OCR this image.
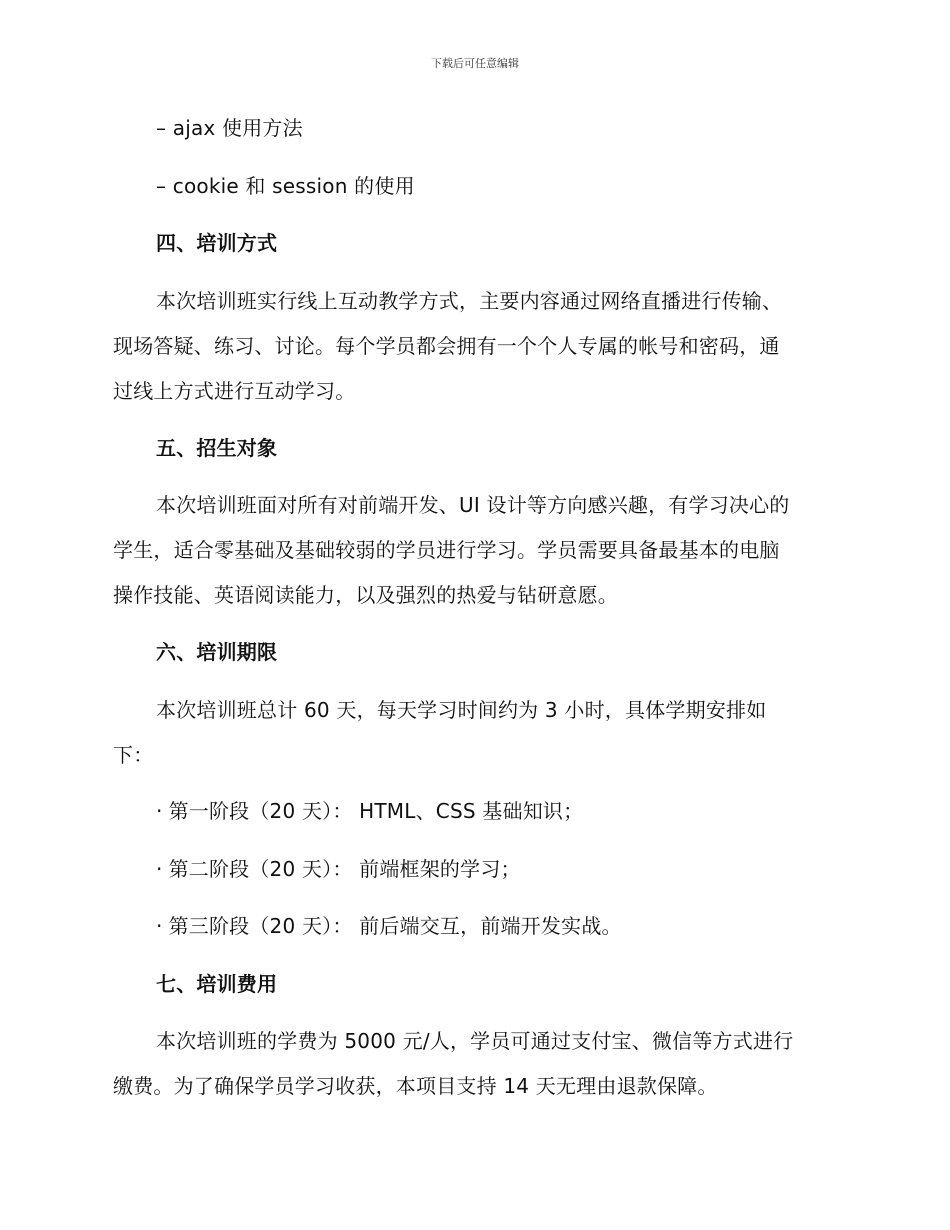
下载后可任意编辑
– ajax 使用方法
– cookie 和 session 的使用
四、培训方式
本次培训班实行线上互动教学方式，主要内容通过网络直播进行传输、
现场答疑、练习、讨论。每个学员都会拥有一个个人专属的帐号和密码，通
过线上方式进行互动学习。
五、招生对象
本次培训班面对所有对前端开发、UI 设计等方向感兴趣，有学习决心的
学生，适合零基础及基础较弱的学员进行学习。学员需要具备最基本的电脑
操作技能、英语阅读能力，以及强烈的热爱与钻研意愿。
六、培训期限
本次培训班总计 60 天，每天学习时间约为 3 小时，具体学期安排如
下：
· 第一阶段（20 天）： HTML、CSS 基础知识；
· 第二阶段（20 天）： 前端框架的学习；
· 第三阶段（20 天）： 前后端交互，前端开发实战。
七、培训费用
本次培训班的学费为 5000 元/人，学员可通过支付宝、微信等方式进行
缴费。为了确保学员学习收获，本项目支持 14 天无理由退款保障。
